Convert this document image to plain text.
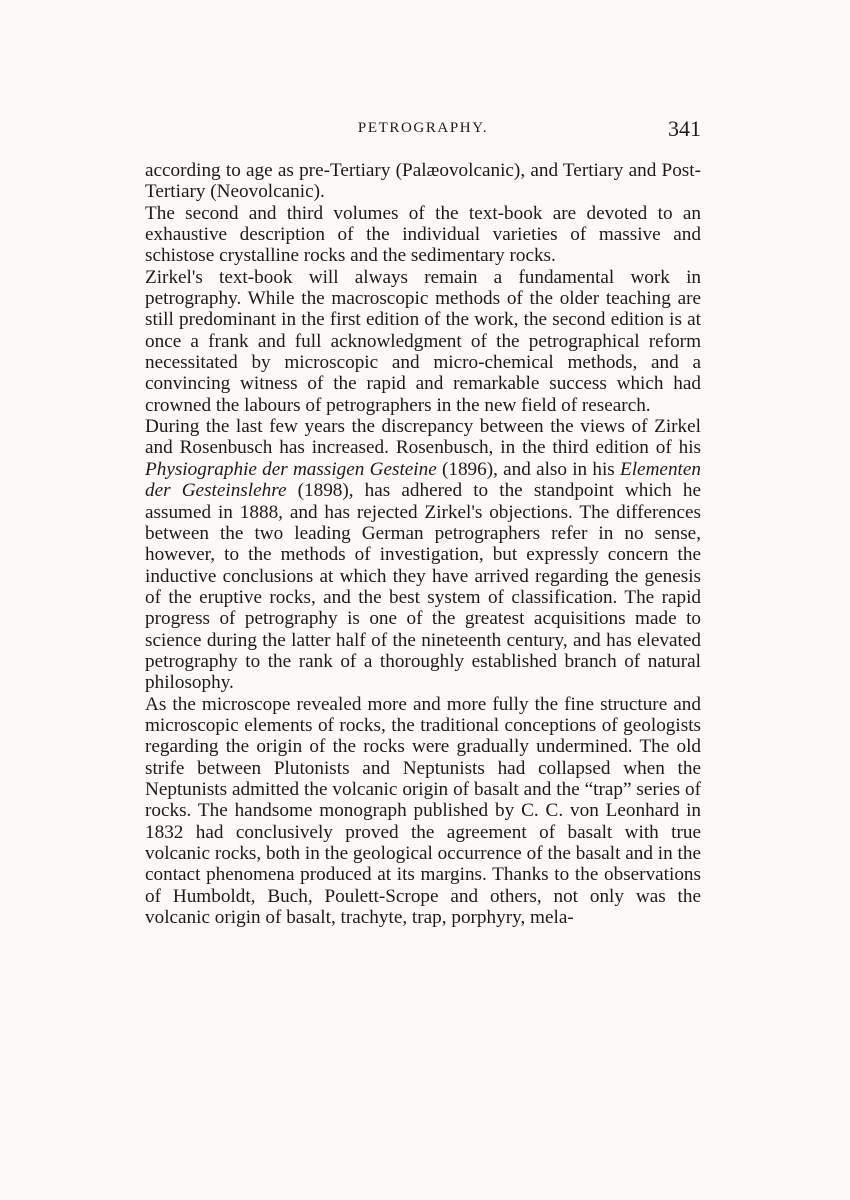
PETROGRAPHY.	341

according to age as pre-Tertiary (Palæovolcanic), and Tertiary and Post-Tertiary (Neovolcanic).

The second and third volumes of the text-book are devoted to an exhaustive description of the individual varieties of massive and schistose crystalline rocks and the sedimentary rocks.

Zirkel's text-book will always remain a fundamental work in petrography. While the macroscopic methods of the older teaching are still predominant in the first edition of the work, the second edition is at once a frank and full acknowledgment of the petrographical reform necessitated by microscopic and micro-chemical methods, and a convincing witness of the rapid and remarkable success which had crowned the labours of petrographers in the new field of research.

During the last few years the discrepancy between the views of Zirkel and Rosenbusch has increased. Rosenbusch, in the third edition of his Physiographie der massigen Gesteine (1896), and also in his Elementen der Gesteinslehre (1898), has adhered to the standpoint which he assumed in 1888, and has rejected Zirkel's objections. The differences between the two leading German petrographers refer in no sense, however, to the methods of investigation, but expressly concern the inductive conclusions at which they have arrived regarding the genesis of the eruptive rocks, and the best system of classification. The rapid progress of petrography is one of the greatest acquisitions made to science during the latter half of the nineteenth century, and has elevated petrography to the rank of a thoroughly established branch of natural philosophy.

As the microscope revealed more and more fully the fine structure and microscopic elements of rocks, the traditional conceptions of geologists regarding the origin of the rocks were gradually undermined. The old strife between Plutonists and Neptunists had collapsed when the Neptunists admitted the volcanic origin of basalt and the “trap” series of rocks. The handsome monograph published by C. C. von Leonhard in 1832 had conclusively proved the agreement of basalt with true volcanic rocks, both in the geological occurrence of the basalt and in the contact phenomena produced at its margins. Thanks to the observations of Humboldt, Buch, Poulett-Scrope and others, not only was the volcanic origin of basalt, trachyte, trap, porphyry, mela-
